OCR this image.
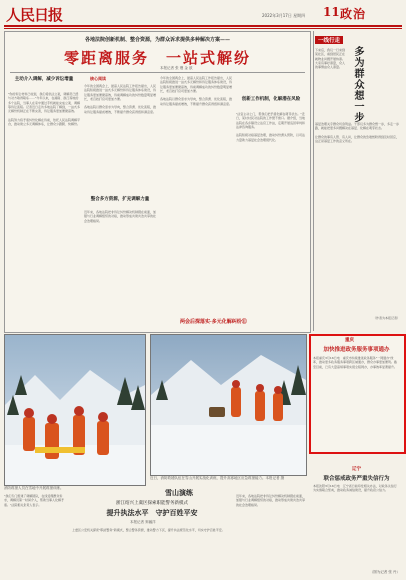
人民日报	2022年3月17日 星期四 11 政治
各地法院创新机制、整合资源，为群众诉求提供多种解决方案——
零距离服务　一站式解纷
本报记者 张 璁 金 歆
主动介入调解，减少诉讼增量
"你的诉讼材料已收到，我们将依法立案，调解员已经与对方取得联系……"今年以来，在湖南、浙江等地的多个法院，当事人在家中通过手机就能完成立案、调解等诉讼流程。记者近日走访多地法院了解到，一站式多元解纷机制正在不断完善，诉讼服务更加便捷高效。

法院努力将矛盾纠纷化解在诉前，依托人民法院调解平台，推动建立多元调解体系，让群众少跑腿、快解纷。
核心阅读
今年的全国两会上，最高人民法院工作报告提出，人民法院积极推进一站式多元解纷和诉讼服务体系建设，诉讼服务更加便捷高效，诉前调解成功的纠纷数量明显增长，老百姓打官司更加方便。

各地法院以群众需求为导向，整合资源、优化流程，推动诉讼服务提质增效，不断提升群众获得感和满意度。
整合多方资源，扩充调解力量
近年来，各地法院把非诉讼纠纷解决机制挺在前面，加强与行业调解组织的对接，推动形成共建共治共享的社会治理格局。
今年的全国两会上，最高人民法院工作报告提出，人民法院积极推进一站式多元解纷和诉讼服务体系建设，诉讼服务更加便捷高效，诉前调解成功的纠纷数量明显增长，老百姓打官司更加方便。

各地法院以群众需求为导向，整合资源、优化流程，推动诉讼服务提质增效，不断提升群众获得感和满意度。
创新工作机制，化解潜在风险
"法官主动上门，帮我们把矛盾化解在萌芽状态。"近日，某村村民对法院的工作赞不绝口。据介绍，当地法院在各乡镇设立法官工作站，定期开展巡回审判和法律咨询服务。

法院积极对接基层治理，推动纠纷源头预防，以司法力量助力基层社会治理现代化。
两会后探落实·多元化解纠纷⑪
一线行走
下来后，我们一行来到某社区，看到居民正在就物业问题开展协商。大家有事好商量，众人的事情由众人商量。 多为群众想一步
基层治理关乎群众切身利益。干部们多为群众想一步，多走一步路，就能把更多问题解决在基层、化解在萌芽状态。

让群众的事有人管、有人问，让群众的急难愁盼得到及时回应，这正是基层工作的意义所在。
（作者为本报记者）
雪山演练
近日，消防救援队伍在雪山开展实战化训练，提升高寒地区应急救援能力。本报记者 摄
消防救援人员在雪地中开展救援训练。
重庆
加快推进政务服务事项通办
本报重庆3月16日电　重庆市持续推进政务服务"一网通办"改革，推动更多政务服务事项跨区域通办，群众办事更加便利。截至目前，已有大量高频事项实现全程网办，办事效率显著提升。
辽宁
联合惩戒政务严重失信行为
本报沈阳3月16日电　辽宁省日前印发相关办法，对政务失信行为实施联合惩戒，推动政务诚信建设，提升政府公信力。
（图为记者 张 丹）
"我们专门组建了调解团队，在线受理群众诉求，调解员第一时间介入，帮助当事人化解矛盾。"法院相关负责人表示。	浙江绍兴上虞区探索职能警务新模式
提升执法水平　守护百姓平安
本报记者 窦瀚洋
上虞区公安机关探索"职能警务"新模式，整合警务资源，推动警力下沉，提升执法规范化水平，切实守护百姓平安。
近年来，各地法院把非诉讼纠纷解决机制挺在前面，加强与行业调解组织的对接，推动形成共建共治共享的社会治理格局。
